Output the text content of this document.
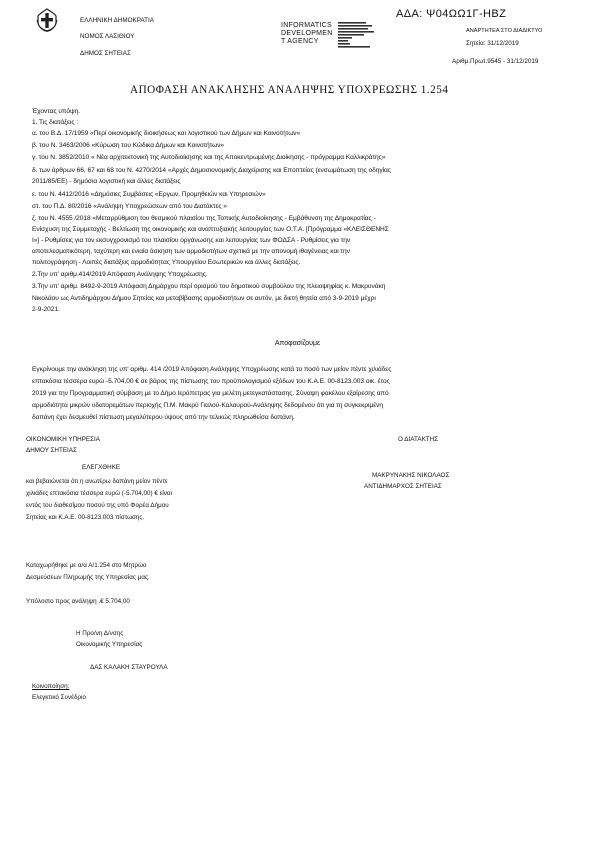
ΕΛΛΗΝΙΚΗ ΔΗΜΟΚΡΑΤΙΑ
ΝΟΜΟΣ ΛΑΣΙΘΙΟΥ
ΔΗΜΟΣ ΣΗΤΕΙΑΣ
INFORMATICS
DEVELOPMEN
T AGENCY
ΑΔΑ: Ψ04ΩΩ1Γ-ΗΒΖ
ΑΝΑΡΤΗΤΕΑ ΣΤΟ ΔΙΑΔΙΚΤΥΟ
Σητεία: 31/12/2019
Αριθμ.Πρωτ.9545 - 31/12/2019
ΑΠΟΦΑΣΗ ΑΝΑΚΛΗΣΗΣ ΑΝΑΛΗΨΗΣ ΥΠΟΧΡΕΩΣΗΣ 1.254
Έχοντας υπόψη.
1. Τις διατάξεις :
α. του Β.Δ. 17/1959 «Περί οικονομικής διοικήσεως και λογιστικού των Δήμων και Κοινοτήτων»
β. του Ν. 3463/2006 «Κύρωση του Κώδικα Δήμων και Κοινοτήτων»
γ. του Ν. 3852/2010 « Νέα αρχιτεκτονική της Αυτοδιοίκησης και της Αποκεντρωμένης Διοίκησης - πρόγραμμα Καλλικράτης»
δ. των άρθρων 66, 67 και 68 του Ν. 4270/2014 «Αρχές Δημοσιονομικής Διαχείρισης και Εποπτείας (ενσωμάτωση της οδηγίας
2011/85/ΕΕ) - δημόσια λογιστική και άλλες διατάξεις
ε. του Ν. 4412/2016 «Δημόσιες Συμβάσεις «Εργων, Προμηθειών και Υπηρεσιών»
στ. του Π.Δ. 80/2016 «Ανάληψη Υποχρεώσεων από του Διατάκτες »
ζ. του Ν. 4555 /2018 «Μεταρρύθμιση του θεσμικού πλαισίου της Τοπικής Αυτοδιοίκησης - Εμβάθυνση της Δημοκρατίας -
Ενίσχυση της Συμμετοχής - Βελτίωση της οικονομικής και αναπτυξιακής λειτουργίας των Ο.Τ.Α. [Πρόγραμμα «ΚΛΕΙΣΘΕΝΗΣ
Ι»] - Ρυθμίσεις για τον εκσυγχρονισμό του πλαισίου οργάνωσης και λειτουργίας των ΦΟΔΣΑ - Ρυθμίσεις για την
αποτελεσματικότερη, ταχύτερη και ενιαία άσκηση των αρμοδιοτήτων σχετικά με την απονομή ιθαγένειας και την
πολιτογράφηση - Λοιπές διατάξεις αρμοδιότητας Υπουργείου Εσωτερικών και άλλες διατάξεις.
2.Την υπ' αριθμ.414/2019 Απόφαση Ανάληψης Υποχρέωσης.
3.Την υπ' αριθμ. 8492-9-2019 Απόφαση Δημάρχου περί ορισμού του δημοτικού συμβούλου της πλειοψηφίας κ. Μακρυνάκη
Νικολάου ως Αντιδημάρχου Δήμου Σητείας και μεταβίβασης αρμοδιοτήτων σε αυτόν, με διετή θητεία από 3-9-2019 μέχρι
2-9-2021.
Αποφασίζουμε
Εγκρίνουμε την ανάκληση της υπ' αριθμ. 414 /2019 Απόφαση Ανάληψης Υποχρέωσης κατά το ποσό των μείον πέντε χιλιάδες
επτακόσια τέσσερα ευρώ -5.704,00 € σε βάρος της πίστωσης του προϋπολογισμού εξόδων του Κ.Α.Ε. 00-8123.003 οικ. έτος
2019 για την Προγραμματική σύμβαση με το Δήμο Ιεράπετρας για μελέτη μετεγκατάστασης. Σύναψη φακέλου εξαίρεσης από
αρμοδιότητα μικρών υδατορεμάτων περιοχής Π.Μ. Μακρύ Γιαλού-Καλαυρού-Ανάληψης δεδομένου ότι για τη συγκεκριμένη
δαπάνη έχει δεσμευθεί πίστωση μεγαλύτερου ύψους από την τελικώς πληρωθείσα δαπάνη.
ΟΙΚΟΝΟΜΙΚΗ ΥΠΗΡΕΣΙΑ
ΔΗΜΟΥ ΣΗΤΕΙΑΣ
ΕΛΕΓΧΘΗΚΕ
και βεβαιώνεται ότι η ανωτέρω δαπάνη μείον πέντε
χιλιάδες επτακόσια τέσσερα ευρώ (-5.704,00) € είναι
εντός του διαθεσίμου ποσού της υπό Φορέα Δήμου
Σητείας και Κ.Α.Ε. 00-8123.003 πίστωσης.
Ο ΔΙΑΤΑΚΤΗΣ
ΜΑΚΡΥΝΑΚΗΣ ΝΙΚΟΛΑΟΣ
ΑΝΤΙΔΗΜΑΡΧΟΣ ΣΗΤΕΙΑΣ
Καταχωρήθηκε με α/α Α/1.254 στο Μητρώο
Δεσμεύσεων Πληρωμής της Υπηρεσίας μας.
Υπόλοιπο προς ανάληψη .€ 5.704,00
Η Προ/νη Δ/νσης
Οικονομικής Υπηρεσίας
ΔΑΣ ΚΑΛΑΚΗ ΣΤΑΥΡΟΥΛΑ
Κοινοποίηση:
Ελεγκτικό Συνέδριο
